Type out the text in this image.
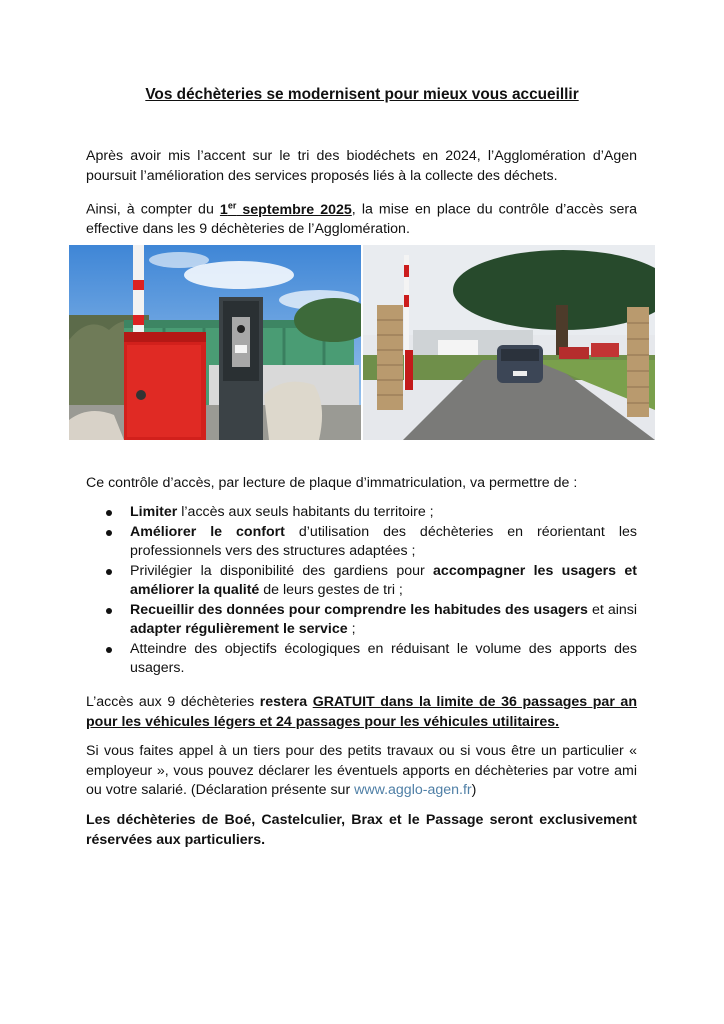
Vos déchèteries se modernisent pour mieux vous accueillir
Après avoir mis l’accent sur le tri des biodéchets en 2024, l’Agglomération d’Agen poursuit l’amélioration des services proposés liés à la collecte des déchets.
Ainsi, à compter du 1er septembre 2025, la mise en place du contrôle d’accès sera effective dans les 9 déchèteries de l’Agglomération.
Ce contrôle d’accès, par lecture de plaque d’immatriculation, va permettre de :
Limiter l’accès aux seuls habitants du territoire ;
Améliorer le confort d’utilisation des déchèteries en réorientant les professionnels vers des structures adaptées ;
Privilégier la disponibilité des gardiens pour accompagner les usagers et améliorer la qualité de leurs gestes de tri ;
Recueillir des données pour comprendre les habitudes des usagers et ainsi adapter régulièrement le service ;
Atteindre des objectifs écologiques en réduisant le volume des apports des usagers.
L’accès aux 9 déchèteries restera GRATUIT dans la limite de 36 passages par an pour les véhicules légers et 24 passages pour les véhicules utilitaires.
Si vous faites appel à un tiers pour des petits travaux ou si vous être un particulier « employeur », vous pouvez déclarer les éventuels apports en déchèteries par votre ami ou votre salarié. (Déclaration présente sur www.agglo-agen.fr)
Les déchèteries de Boé, Castelculier, Brax et le Passage seront exclusivement réservées aux particuliers.
